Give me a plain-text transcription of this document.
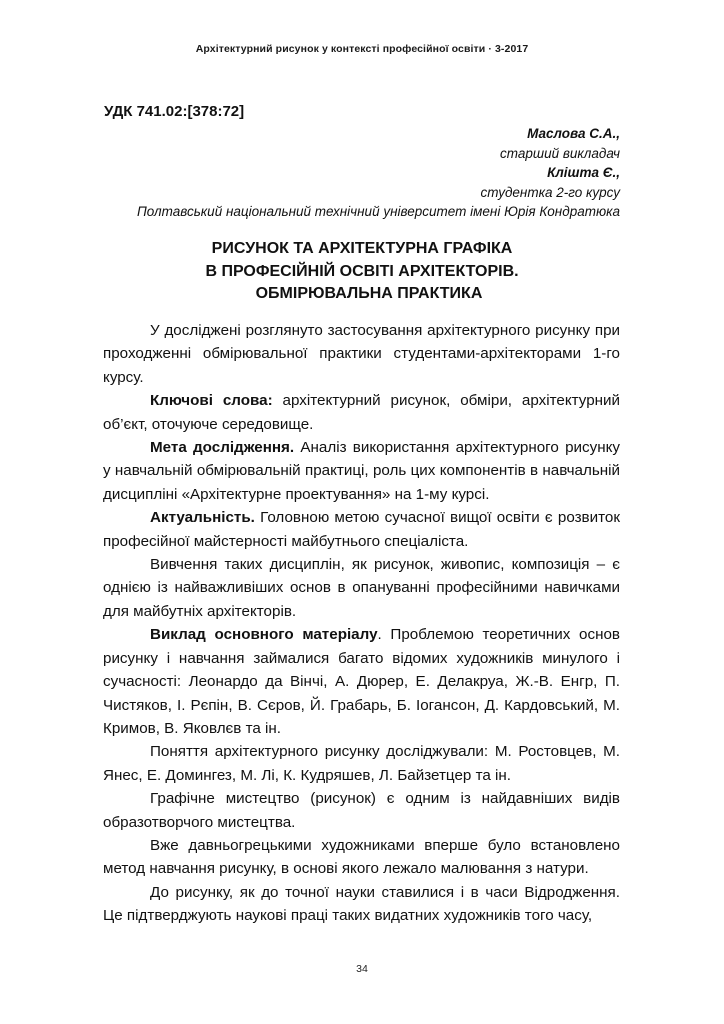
Архітектурний рисунок у контексті професійної освіти · 3-2017
УДК 741.02:[378:72]
Маслова С.А.,
старший викладач
Клішта Є.,
студентка 2-го курсу
Полтавський національний технічний університет імені Юрія Кондратюка
РИСУНОК ТА АРХІТЕКТУРНА ГРАФІКА
В ПРОФЕСІЙНІЙ ОСВІТІ АРХІТЕКТОРІВ.
ОБМІРЮВАЛЬНА ПРАКТИКА

У досліджені розглянуто застосування архітектурного рисунку при проходженні обмірювальної практики студентами-архітекторами 1-го курсу.

Ключові слова: архітектурний рисунок, обміри, архітектурний об’єкт, оточуюче середовище.

Мета дослідження. Аналіз використання архітектурного рисунку у навчальній обмірювальній практиці, роль цих компонентів в навчальній дисципліні «Архітектурне проектування» на 1-му курсі.

Актуальність. Головною метою сучасної вищої освіти є розвиток професійної майстерності майбутнього спеціаліста.

Вивчення таких дисциплін, як рисунок, живопис, композиція – є однією із найважливіших основ в опануванні професійними навичками для майбутніх архітекторів.

Виклад основного матеріалу. Проблемою теоретичних основ рисунку і навчання займалися багато відомих художників минулого і сучасності: Леонардо да Вінчі, А. Дюрер, Е. Делакруа, Ж.-В. Енгр, П. Чистяков, І. Рєпін, В. Сєров, Й. Грабарь, Б. Іогансон, Д. Кардовський, М. Кримов, В. Яковлєв та ін.

Поняття архітектурного рисунку досліджували: М. Ростовцев, М. Янес, Е. Домингез, М. Лі, К. Кудряшев, Л. Байзетцер та ін.

Графічне мистецтво (рисунок) є одним із найдавніших видів образотворчого мистецтва.

Вже давньогрецькими художниками вперше було встановлено метод навчання рисунку, в основі якого лежало малювання з натури.

До рисунку, як до точної науки ставилися і в часи Відродження. Це підтверджують наукові праці таких видатних художників того часу,

34
